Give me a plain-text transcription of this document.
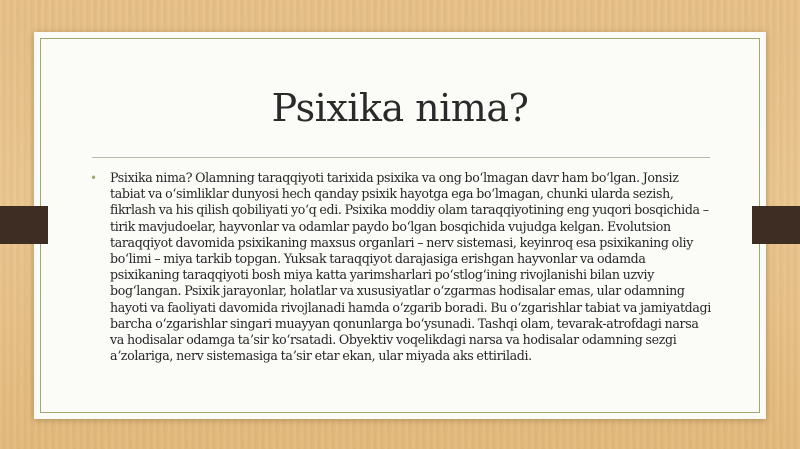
Psixika nima?
• Psixika nima? Olamning taraqqiyoti tarixida psixika va ong boʻlmagan davr ham boʻlgan. Jonsiz tabiat va oʻsimliklar dunyosi hech qanday psixik hayotga ega boʻlmagan, chunki ularda sezish, fikrlash va his qilish qobiliyati yoʻq edi. Psixika moddiy olam taraqqiyotining eng yuqori bosqichida – tirik mavjudoelar, hayvonlar va odamlar paydo boʻlgan bosqichida vujudga kelgan. Evolutsion taraqqiyot davomida psixikaning maxsus organlari – nerv sistemasi, keyinroq esa psixikaning oliy boʻlimi – miya tarkib topgan. Yuksak taraqqiyot darajasiga erishgan hayvonlar va odamda psixikaning taraqqiyoti bosh miya katta yarimsharlari poʻstlogʻining rivojlanishi bilan uzviy bogʻlangan. Psixik jarayonlar, holatlar va xususiyatlar oʻzgarmas hodisalar emas, ular odamning hayoti va faoliyati davomida rivojlanadi hamda oʻzgarib boradi. Bu oʻzgarishlar tabiat va jamiyatdagi barcha oʻzgarishlar singari muayyan qonunlarga boʻysunadi. Tashqi olam, tevarak-atrofdagi narsa va hodisalar odamga taʼsir koʻrsatadi. Obyektiv voqelikdagi narsa va hodisalar odamning sezgi aʼzolariga, nerv sistemasiga taʼsir etar ekan, ular miyada aks ettiriladi.
